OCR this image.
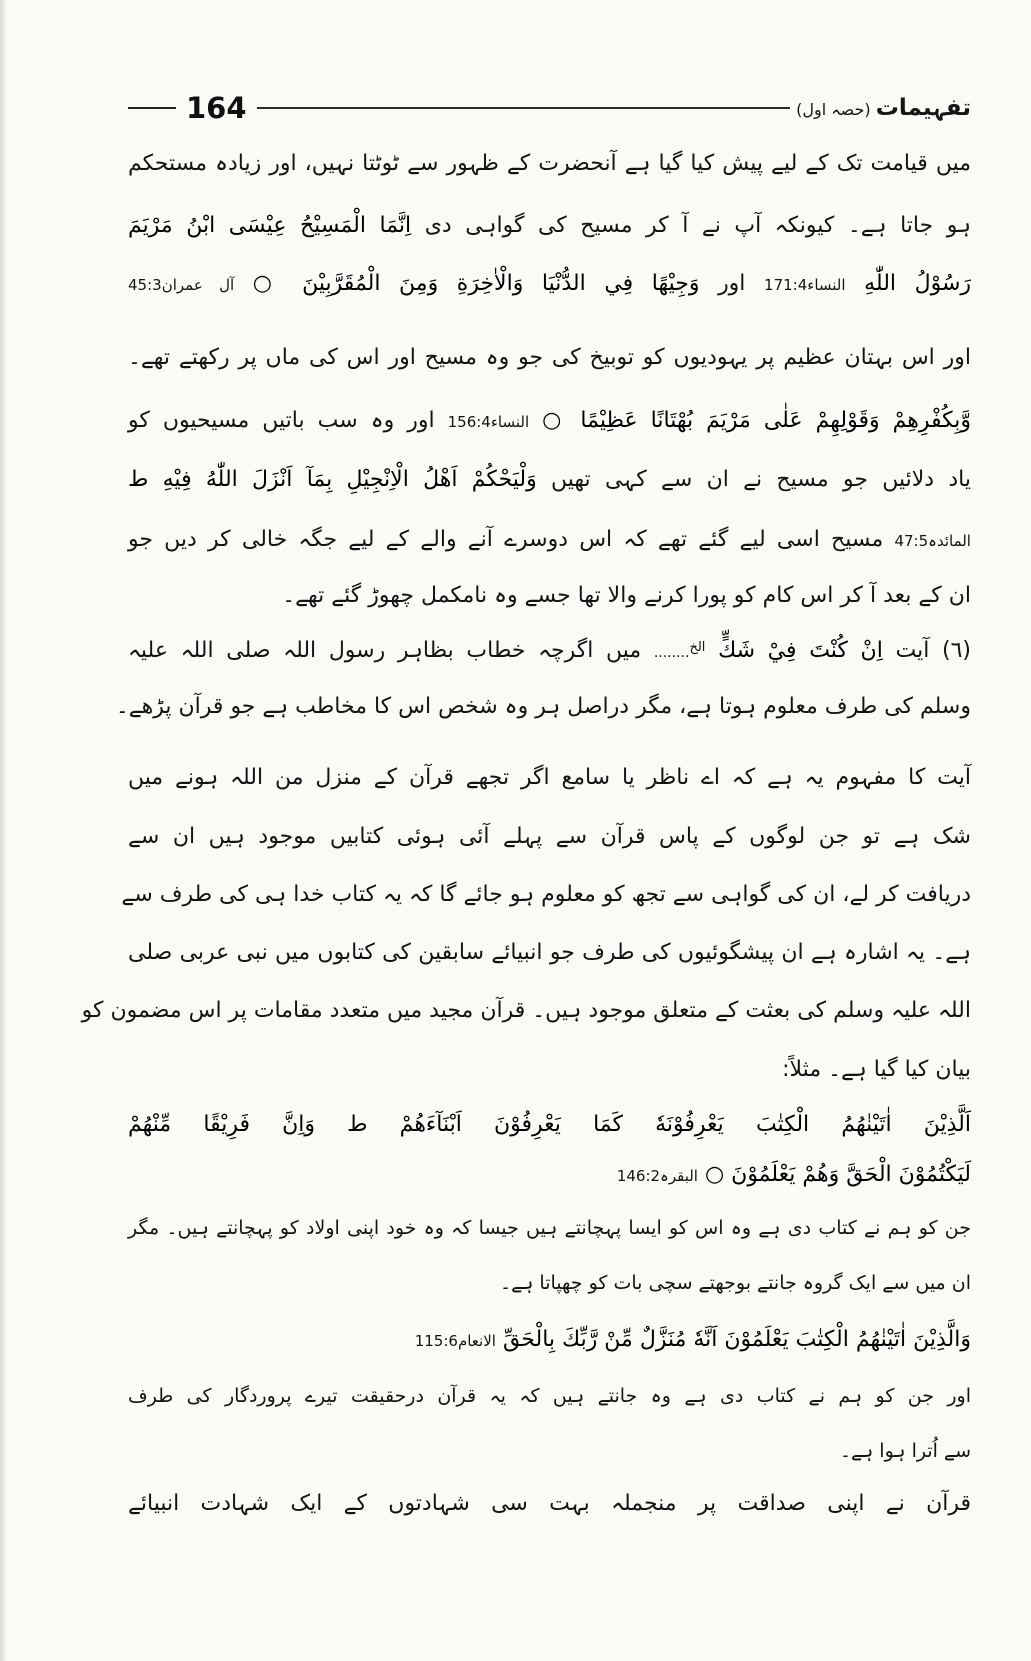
164	تفہیمات (حصہ اول)
میں قیامت تک کے لیے پیش کیا گیا ہے آنحضرت کے ظہور سے ٹوٹتا نہیں، اور زیادہ مستحکم
ہو جاتا ہے۔ کیونکہ آپ نے آ کر مسیح کی گواہی دی اِنَّمَا الْمَسِيْحُ عِيْسَى ابْنُ مَرْيَمَ
رَسُوْلُ اللّٰهِ النساء171:4 اور وَجِيْهًا فِي الدُّنْيَا وَالْاٰخِرَةِ وَمِنَ الْمُقَرَّبِيْنَ ○ آل عمران45:3
اور اس بہتان عظیم پر یہودیوں کو توبیخ کی جو وہ مسیح اور اس کی ماں پر رکھتے تھے۔
وَّبِكُفْرِهِمْ وَقَوْلِهِمْ عَلٰى مَرْيَمَ بُهْتَانًا عَظِيْمًا ○ النساء156:4 اور وہ سب باتیں مسیحیوں کو
یاد دلائیں جو مسیح نے ان سے کہی تھیں وَلْيَحْكُمْ اَهْلُ الْاِنْجِيْلِ بِمَآ اَنْزَلَ اللّٰهُ فِيْهِ ط
المائدہ47:5 مسیح اسی لیے گئے تھے کہ اس دوسرے آنے والے کے لیے جگہ خالی کر دیں جو
ان کے بعد آ کر اس کام کو پورا کرنے والا تھا جسے وہ نامکمل چھوڑ گئے تھے۔
(٦) آیت اِنْ كُنْتَ فِيْ شَكٍّ $^{الخ}$........ میں اگرچہ خطاب بظاہر رسول اللہ صلی اللہ علیہ
وسلم کی طرف معلوم ہوتا ہے، مگر دراصل ہر وہ شخص اس کا مخاطب ہے جو قرآن پڑھے۔
آیت کا مفہوم یہ ہے کہ اے ناظر یا سامع اگر تجھے قرآن کے منزل من اللہ ہونے میں
شک ہے تو جن لوگوں کے پاس قرآن سے پہلے آئی ہوئی کتابیں موجود ہیں ان سے
دریافت کر لے، ان کی گواہی سے تجھ کو معلوم ہو جائے گا کہ یہ کتاب خدا ہی کی طرف سے
ہے۔ یہ اشارہ ہے ان پیشگوئیوں کی طرف جو انبیائے سابقین کی کتابوں میں نبی عربی صلی
اللہ علیہ وسلم کی بعثت کے متعلق موجود ہیں۔ قرآن مجید میں متعدد مقامات پر اس مضمون کو
بیان کیا گیا ہے۔ مثلاً:
اَلَّذِيْنَ اٰتَيْنٰهُمُ الْكِتٰبَ يَعْرِفُوْنَهٗ كَمَا يَعْرِفُوْنَ اَبْنَآءَهُمْ ط وَاِنَّ فَرِيْقًا مِّنْهُمْ
لَيَكْتُمُوْنَ الْحَقَّ وَهُمْ يَعْلَمُوْنَ ○ البقرہ146:2
جن کو ہم نے کتاب دی ہے وہ اس کو ایسا پہچانتے ہیں جیسا کہ وہ خود اپنی اولاد کو پہچانتے ہیں۔ مگر
ان میں سے ایک گروہ جانتے بوجھتے سچی بات کو چھپاتا ہے۔
وَالَّذِيْنَ اٰتَيْنٰهُمُ الْكِتٰبَ يَعْلَمُوْنَ اَنَّهٗ مُنَزَّلٌ مِّنْ رَّبِّكَ بِالْحَقِّ الانعام115:6
اور جن کو ہم نے کتاب دی ہے وہ جانتے ہیں کہ یہ قرآن درحقیقت تیرے پروردگار کی طرف
سے اُترا ہوا ہے۔
قرآن نے اپنی صداقت پر منجملہ بہت سی شہادتوں کے ایک شہادت انبیائے
